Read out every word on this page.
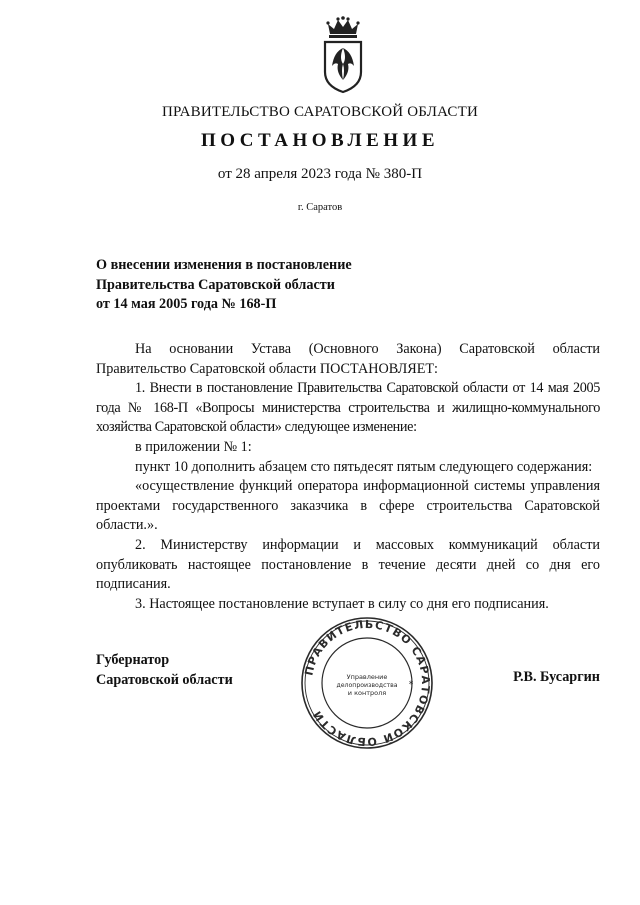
ПРАВИТЕЛЬСТВО САРАТОВСКОЙ ОБЛАСТИ
ПОСТАНОВЛЕНИЕ
от 28 апреля 2023 года № 380-П
г. Саратов
О внесении изменения в постановление
Правительства Саратовской области
от 14 мая 2005 года № 168-П

На основании Устава (Основного Закона) Саратовской области Правительство Саратовской области ПОСТАНОВЛЯЕТ:

1. Внести в постановление Правительства Саратовской области от 14 мая 2005 года № 168-П «Вопросы министерства строительства и жилищно-коммунального хозяйства Саратовской области» следующее изменение:

в приложении № 1:

пункт 10 дополнить абзацем сто пятьдесят пятым следующего содержания:

«осуществление функций оператора информационной системы управления проектами государственного заказчика в сфере строительства Саратовской области.».

2. Министерству информации и массовых коммуникаций области опубликовать настоящее постановление в течение десяти дней со дня его подписания.

3. Настоящее постановление вступает в силу со дня его подписания.

Губернатор
Саратовской области	Р.В. Бусаргин
ПРАВИТЕЛЬСТВО САРАТОВСКОЙ ОБЛАСТИ
*
Управление
делопроизводства
и контроля
